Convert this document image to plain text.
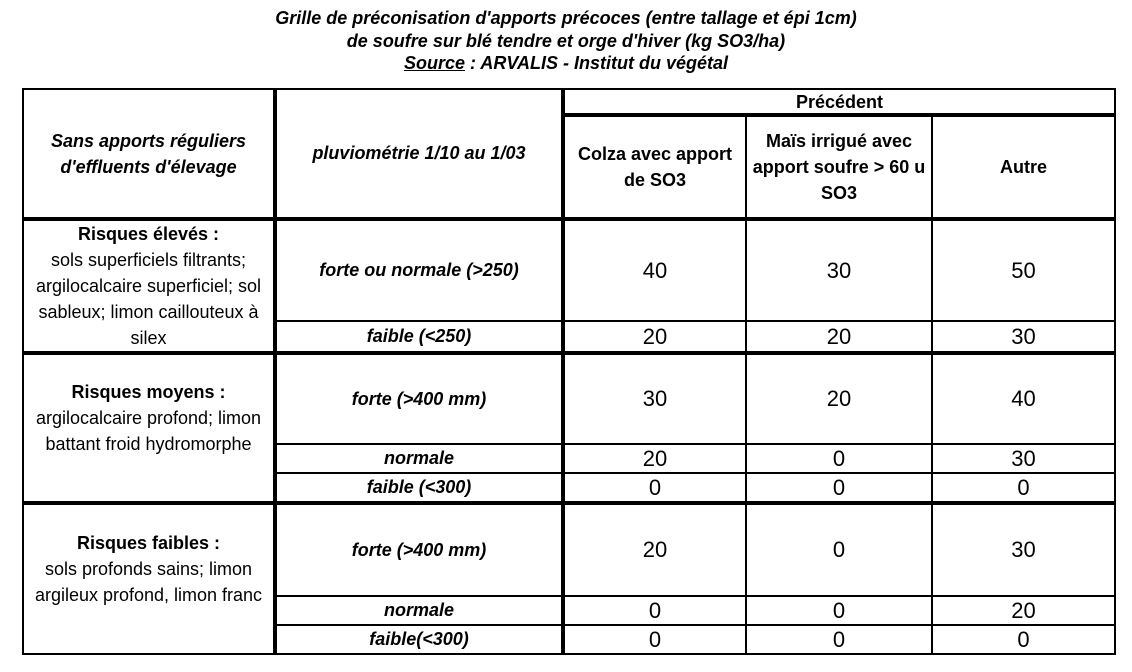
Grille de préconisation d'apports précoces (entre tallage et épi 1cm)
de soufre sur blé tendre et orge d'hiver (kg SO3/ha)
Source : ARVALIS - Institut du végétal
Sans apports réguliers d'effluents d'élevage	pluviométrie 1/10 au 1/03	Précédent		
		Colza avec apport de SO3	Maïs irrigué avec apport soufre > 60 u SO3	Autre

Risques élevés :
sols superficiels filtrants; argilocalcaire superficiel; sol sableux; limon caillouteux à silex	forte ou normale (>250)	40	30	50
	faible (<250)	20	20	30

Risques moyens :
argilocalcaire profond; limon battant froid hydromorphe	forte (>400 mm)	30	20	40
	normale	20	0	30
	faible (<300)	0	0	0

Risques faibles :
sols profonds sains; limon argileux profond, limon franc	forte (>400 mm)	20	0	30
	normale	0	0	20
	faible(<300)	0	0	0
